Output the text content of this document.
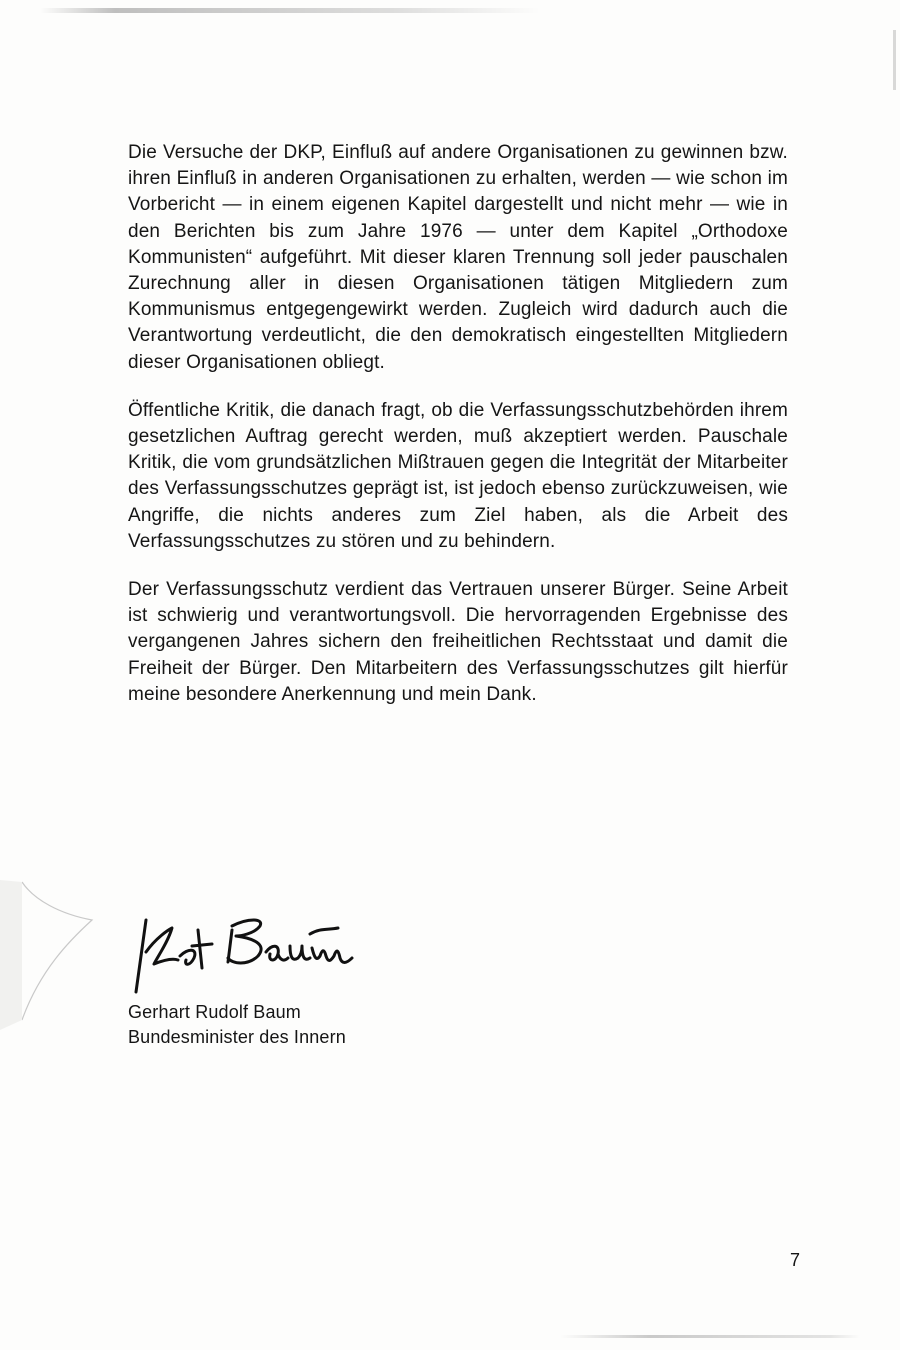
Die Versuche der DKP, Einfluß auf andere Organisationen zu gewinnen bzw. ihren Einfluß in anderen Organisationen zu erhalten, werden — wie schon im Vorbericht — in einem eigenen Kapitel dargestellt und nicht mehr — wie in den Berichten bis zum Jahre 1976 — unter dem Kapitel „Orthodoxe Kommunisten“ aufgeführt. Mit dieser klaren Trennung soll jeder pauschalen Zurechnung aller in diesen Organisationen tätigen Mitgliedern zum Kommunismus entgegengewirkt werden. Zugleich wird dadurch auch die Verantwortung verdeutlicht, die den demokratisch eingestellten Mitgliedern dieser Organisationen obliegt.

Öffentliche Kritik, die danach fragt, ob die Verfassungsschutzbehörden ihrem gesetzlichen Auftrag gerecht werden, muß akzeptiert werden. Pauschale Kritik, die vom grundsätzlichen Mißtrauen gegen die Integrität der Mitarbeiter des Verfassungsschutzes geprägt ist, ist jedoch ebenso zurückzuweisen, wie Angriffe, die nichts anderes zum Ziel haben, als die Arbeit des Verfassungsschutzes zu stören und zu behindern.

Der Verfassungsschutz verdient das Vertrauen unserer Bürger. Seine Arbeit ist schwierig und verantwortungsvoll. Die hervorragenden Ergebnisse des vergangenen Jahres sichern den freiheitlichen Rechtsstaat und damit die Freiheit der Bürger. Den Mitarbeitern des Verfassungsschutzes gilt hierfür meine besondere Anerkennung und mein Dank.

Gerhart Rudolf Baum
Bundesminister des Innern
7
